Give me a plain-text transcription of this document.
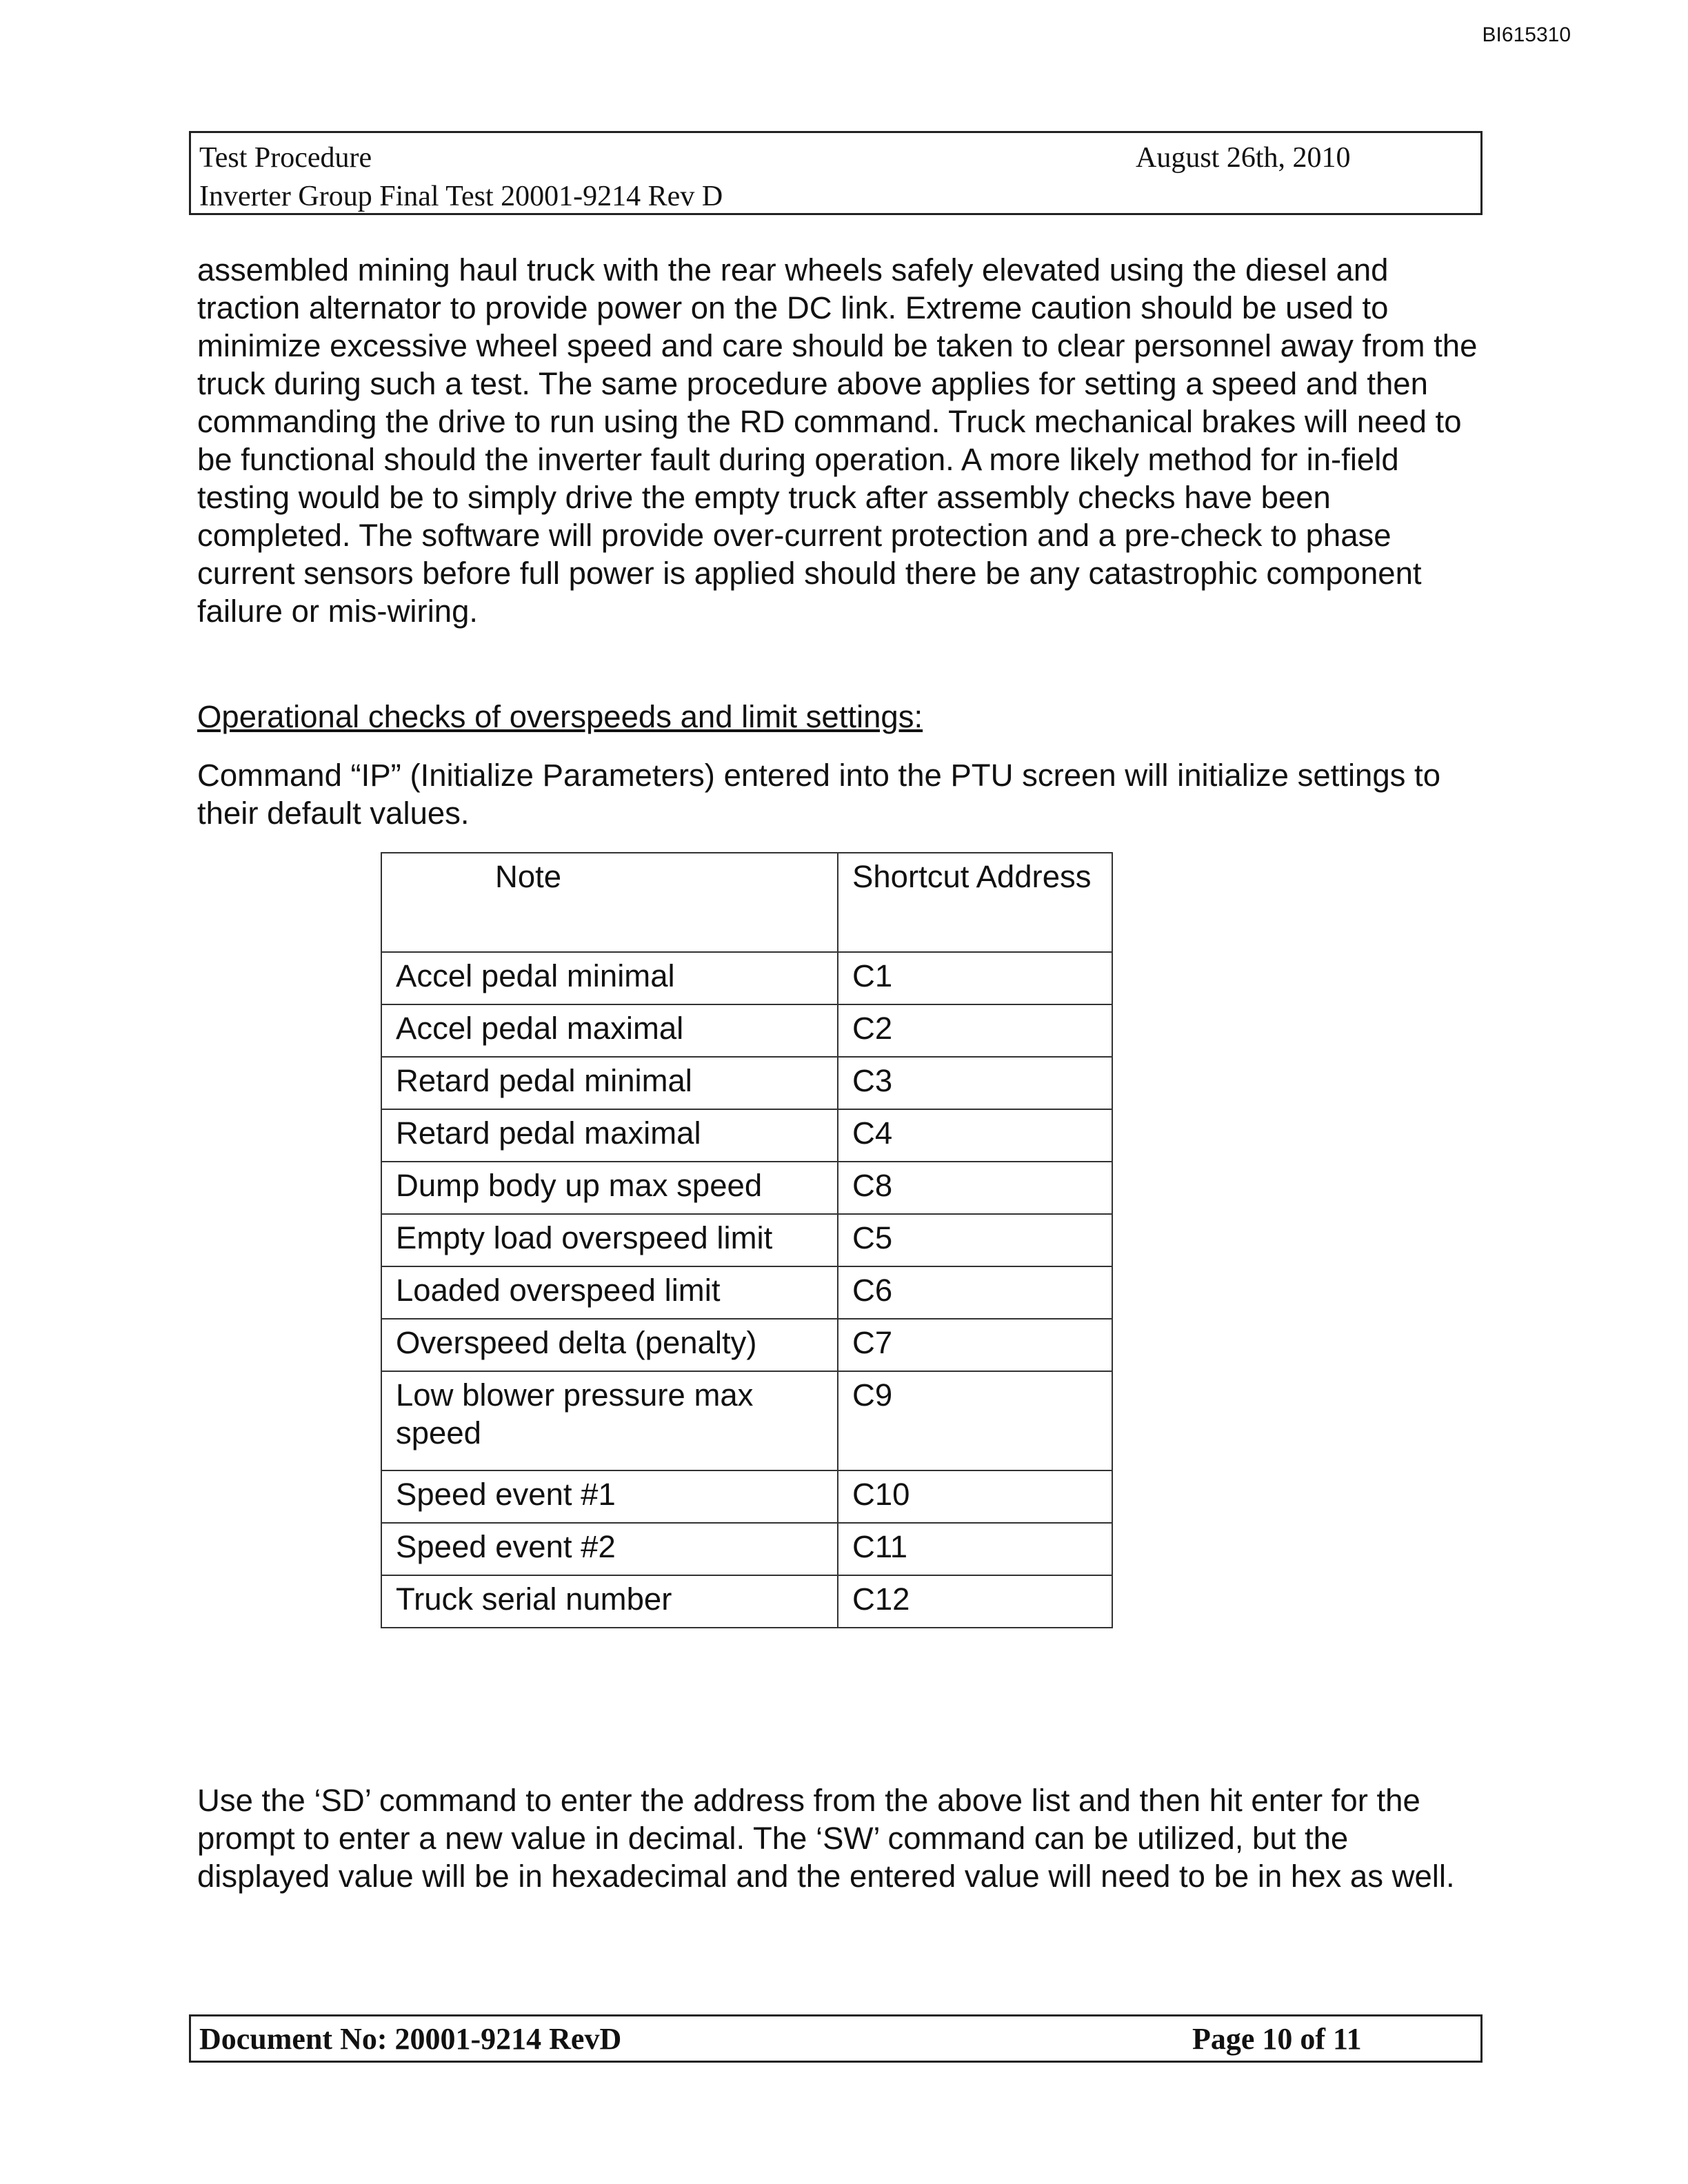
BI615310
Test Procedure
Inverter Group Final Test 20001-9214 Rev D
August 26th, 2010
assembled mining haul truck with the rear wheels safely elevated using the diesel and traction alternator to provide power on the DC link. Extreme caution should be used to minimize excessive wheel speed and care should be taken to clear personnel away from the truck during such a test. The same procedure above applies for setting a speed and then commanding the drive to run using the RD command. Truck mechanical brakes will need to be functional should the inverter fault during operation. A more likely method for in-field testing would be to simply drive the empty truck after assembly checks have been completed. The software will provide over-current protection and a pre-check to phase current sensors before full power is applied should there be any catastrophic component failure or mis-wiring.
Operational checks of overspeeds and limit settings:
Command “IP” (Initialize Parameters) entered into the PTU screen will initialize settings to their default values.
Note	Shortcut Address
Accel pedal minimal	C1
Accel pedal maximal	C2
Retard pedal minimal	C3
Retard pedal maximal	C4
Dump body up max speed	C8
Empty load overspeed limit	C5
Loaded overspeed limit	C6
Overspeed delta (penalty)	C7
Low blower pressure max speed	C9
Speed event #1	C10
Speed event #2	C11
Truck serial number	C12
Use the ‘SD’ command to enter the address from the above list and then hit enter for the prompt to enter a new value in decimal. The ‘SW’ command can be utilized, but the displayed value will be in hexadecimal and the entered value will need to be in hex as well.
Document No: 20001-9214 RevD	Page 10 of 11
